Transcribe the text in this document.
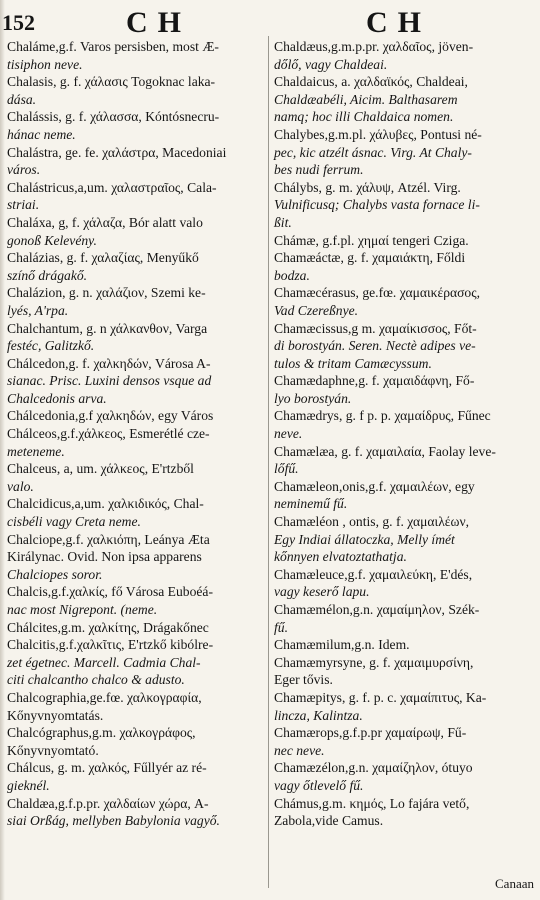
152	CH	CH
Chaláme,g.f. Varos persisben, most Æ-
tisiphon neve.
Chalasis, g. f. χάλασις Togoknac laka-
dása.
Chalássis, g. f. χάλασσα, Kóntósnecru-
hánac neme.
Chalástra, ge. fe. χαλάστρα, Macedoniai
város.
Chalástricus,a,um. χαλαστραῖος, Cala-
striai.
Chaláxa, g, f. χάλαζα, Bór alatt valo
gonoß Kelevény.
Chalázias, g. f. χαλαζίας, Menyűkő
színő drágakő.
Chalázion, g. n. χαλάζιον, Szemi ke-
lyés, A'rpa.
Chalchantum, g. n χάλκανθον, Varga
festéc, Galitzkő.
Chálcedon,g. f. χαλκηδών, Városa A-
sianac. Prisc. Luxini densos vsque ad
Chalcedonis arva.
Chálcedonia,g.f χαλκηδών, egy Város
Chálceos,g.f.χάλκεος, Esmerétlé cze-
meteneme.
Chalceus, a, um. χάλκεος, E'rtzből
valo.
Chalcidicus,a,um. χαλκιδικός, Chal-
cisbéli vagy Creta neme.
Chalciope,g.f. χαλκιόπη, Leánya Æta
Királynac. Ovid. Non ipsa apparens
Chalciopes soror.
Chalcis,g.f.χαλκίς, fő Városa Euboéá-
nac most Nigrepont. (neme.
Chálcites,g.m. χαλκίτης, Drágakőnec
Chalcitis,g.f.χαλκῖτις, E'rtzkő kibólre-
zet égetnec. Marcell. Cadmia Chal-
citi chalcantho chalco & adusto.
Chalcographia,ge.fœ. χαλκογραφία,
Kőnyvnyomtatás.
Chalcógraphus,g.m. χαλκογράφος,
Kőnyvnyomtató.
Chálcus, g. m. χαλκός, Fűllyér az ré-
gieknél.
Chaldæa,g.f.p.pr. χαλδαίων χώρα, A-
siai Orßág, mellyben Babylonia vagyő.
Chaldæus,g.m.p.pr. χαλδαῖος, jöven-
dőlő, vagy Chaldeai.
Chaldaicus, a. χαλδαϊκός, Chaldeai,
Chaldæabéli, Aicim. Balthasarem
namq; hoc illi Chaldaica nomen.
Chalybes,g.m.pl. χάλυβες, Pontusi né-
pec, kic atzélt ásnac. Virg. At Chaly-
bes nudi ferrum.
Chálybs, g. m. χάλυψ, Atzél. Virg.
Vulnificusq; Chalybs vasta fornace li-
ßit.
Chámæ, g.f.pl. χημαί tengeri Cziga.
Chamæáctæ, g. f. χαμαιάκτη, Főldi
bodza.
Chamæcérasus, ge.fœ. χαμαικέρασος,
Vad Czereßnye.
Chamæcissus,g m. χαμαίκισσος, Főt-
di borostyán. Seren. Nectè adipes ve-
tulos & tritam Camæcyssum.
Chamædaphne,g. f. χαμαιδάφνη, Fő-
lyo borostyán.
Chamædrys, g. f p. p. χαμαίδρυς, Fűnec
neve.
Chamælæa, g. f. χαμαιλαία, Faolay leve-
lőfű.
Chamæleon,onis,g.f. χαμαιλέων, egy
neminemű fű.
Chamæléon , ontis, g. f. χαμαιλέων,
Egy Indiai állatoczka, Melly ímét
kőnnyen elvatoztathatja.
Chamæleuce,g.f. χαμαιλεύκη, E'dés,
vagy keserő lapu.
Chamæmélon,g.n. χαμαίμηλον, Szék-
fű.
Chamæmilum,g.n. Idem.
Chamæmyrsyne, g. f. χαμαιμυρσίνη,
Eger tővis.
Chamæpitys, g. f. p. c. χαμαίπιτυς, Ka-
lincza, Kalintza.
Chamærops,g.f.p.pr χαμαίρωψ, Fű-
nec neve.
Chamæzélon,g.n. χαμαίζηλον, ótuyo
vagy őtlevelő fű.
Chámus,g.m. κημός, Lo fajára vető,
Zabola,vide Camus.
Canaan
